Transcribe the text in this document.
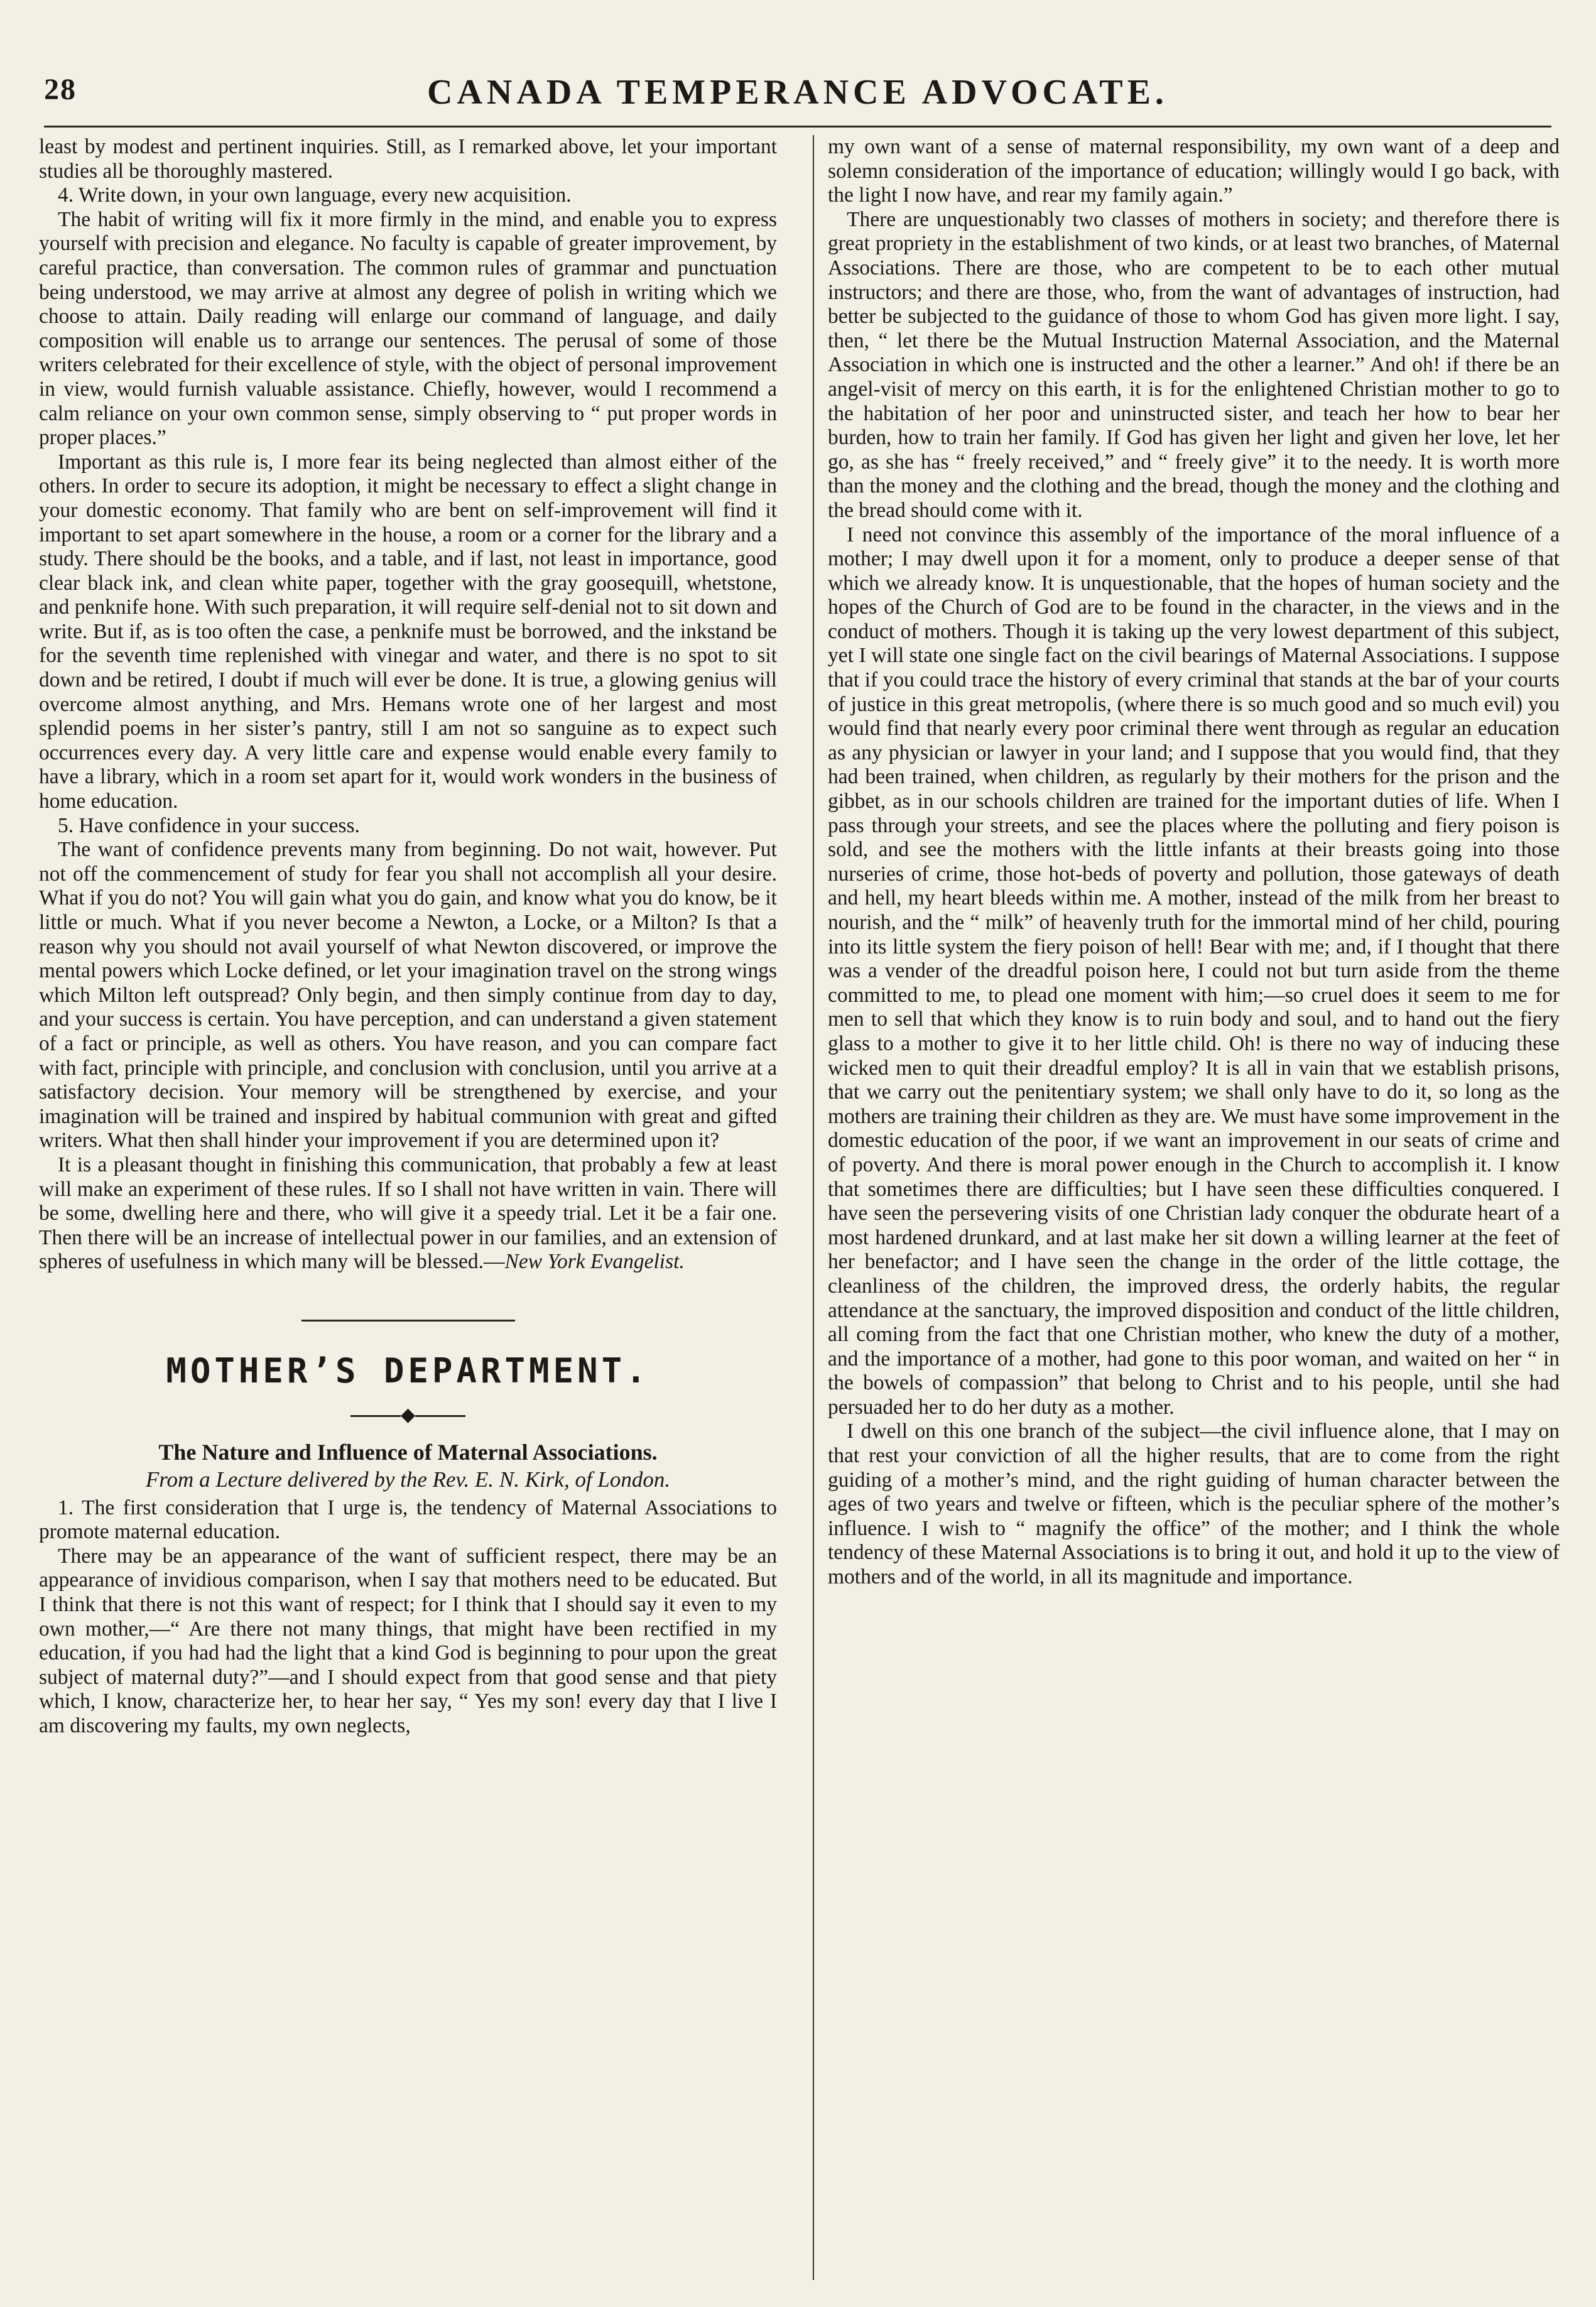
28	CANADA TEMPERANCE ADVOCATE.

least by modest and pertinent inquiries. Still, as I remarked above, let your important studies all be thoroughly mastered.

4. Write down, in your own language, every new acquisition.

The habit of writing will fix it more firmly in the mind, and enable you to express yourself with precision and elegance. No faculty is capable of greater improvement, by careful practice, than conversation. The common rules of grammar and punctuation being understood, we may arrive at almost any degree of polish in writing which we choose to attain. Daily reading will enlarge our command of language, and daily composition will enable us to arrange our sentences. The perusal of some of those writers celebrated for their excellence of style, with the object of personal improvement in view, would furnish valuable assistance. Chiefly, however, would I recommend a calm reliance on your own common sense, simply observing to “ put proper words in proper places.”

Important as this rule is, I more fear its being neglected than almost either of the others. In order to secure its adoption, it might be necessary to effect a slight change in your domestic economy. That family who are bent on self-improvement will find it important to set apart somewhere in the house, a room or a corner for the library and a study. There should be the books, and a table, and if last, not least in importance, good clear black ink, and clean white paper, together with the gray goosequill, whetstone, and penknife hone. With such preparation, it will require self-denial not to sit down and write. But if, as is too often the case, a penknife must be borrowed, and the inkstand be for the seventh time replenished with vinegar and water, and there is no spot to sit down and be retired, I doubt if much will ever be done. It is true, a glowing genius will overcome almost anything, and Mrs. Hemans wrote one of her largest and most splendid poems in her sister’s pantry, still I am not so sanguine as to expect such occurrences every day. A very little care and expense would enable every family to have a library, which in a room set apart for it, would work wonders in the business of home education.

5. Have confidence in your success.

The want of confidence prevents many from beginning. Do not wait, however. Put not off the commencement of study for fear you shall not accomplish all your desire. What if you do not? You will gain what you do gain, and know what you do know, be it little or much. What if you never become a Newton, a Locke, or a Milton? Is that a reason why you should not avail yourself of what Newton discovered, or improve the mental powers which Locke defined, or let your imagination travel on the strong wings which Milton left outspread? Only begin, and then simply continue from day to day, and your success is certain. You have perception, and can understand a given statement of a fact or principle, as well as others. You have reason, and you can compare fact with fact, principle with principle, and conclusion with conclusion, until you arrive at a satisfactory decision. Your memory will be strengthened by exercise, and your imagination will be trained and inspired by habitual communion with great and gifted writers. What then shall hinder your improvement if you are determined upon it?

It is a pleasant thought in finishing this communication, that probably a few at least will make an experiment of these rules. If so I shall not have written in vain. There will be some, dwelling here and there, who will give it a speedy trial. Let it be a fair one. Then there will be an increase of intellectual power in our families, and an extension of spheres of usefulness in which many will be blessed.—New York Evangelist.

MOTHER’S DEPARTMENT.
◆
The Nature and Influence of Maternal Associations.
From a Lecture delivered by the Rev. E. N. Kirk, of London.

1. The first consideration that I urge is, the tendency of Maternal Associations to promote maternal education.

There may be an appearance of the want of sufficient respect, there may be an appearance of invidious comparison, when I say that mothers need to be educated. But I think that there is not this want of respect; for I think that I should say it even to my own mother,—“ Are there not many things, that might have been rectified in my education, if you had had the light that a kind God is beginning to pour upon the great subject of maternal duty?”—and I should expect from that good sense and that piety which, I know, characterize her, to hear her say, “ Yes my son! every day that I live I am discovering my faults, my own neglects,

my own want of a sense of maternal responsibility, my own want of a deep and solemn consideration of the importance of education; willingly would I go back, with the light I now have, and rear my family again.”

There are unquestionably two classes of mothers in society; and therefore there is great propriety in the establishment of two kinds, or at least two branches, of Maternal Associations. There are those, who are competent to be to each other mutual instructors; and there are those, who, from the want of advantages of instruction, had better be subjected to the guidance of those to whom God has given more light. I say, then, “ let there be the Mutual Instruction Maternal Association, and the Maternal Association in which one is instructed and the other a learner.” And oh! if there be an angel-visit of mercy on this earth, it is for the enlightened Christian mother to go to the habitation of her poor and uninstructed sister, and teach her how to bear her burden, how to train her family. If God has given her light and given her love, let her go, as she has “ freely received,” and “ freely give” it to the needy. It is worth more than the money and the clothing and the bread, though the money and the clothing and the bread should come with it.

I need not convince this assembly of the importance of the moral influence of a mother; I may dwell upon it for a moment, only to produce a deeper sense of that which we already know. It is unquestionable, that the hopes of human society and the hopes of the Church of God are to be found in the character, in the views and in the conduct of mothers. Though it is taking up the very lowest department of this subject, yet I will state one single fact on the civil bearings of Maternal Associations. I suppose that if you could trace the history of every criminal that stands at the bar of your courts of justice in this great metropolis, (where there is so much good and so much evil) you would find that nearly every poor criminal there went through as regular an education as any physician or lawyer in your land; and I suppose that you would find, that they had been trained, when children, as regularly by their mothers for the prison and the gibbet, as in our schools children are trained for the important duties of life. When I pass through your streets, and see the places where the polluting and fiery poison is sold, and see the mothers with the little infants at their breasts going into those nurseries of crime, those hot-beds of poverty and pollution, those gateways of death and hell, my heart bleeds within me. A mother, instead of the milk from her breast to nourish, and the “ milk” of heavenly truth for the immortal mind of her child, pouring into its little system the fiery poison of hell! Bear with me; and, if I thought that there was a vender of the dreadful poison here, I could not but turn aside from the theme committed to me, to plead one moment with him;—so cruel does it seem to me for men to sell that which they know is to ruin body and soul, and to hand out the fiery glass to a mother to give it to her little child. Oh! is there no way of inducing these wicked men to quit their dreadful employ? It is all in vain that we establish prisons, that we carry out the penitentiary system; we shall only have to do it, so long as the mothers are training their children as they are. We must have some improvement in the domestic education of the poor, if we want an improvement in our seats of crime and of poverty. And there is moral power enough in the Church to accomplish it. I know that sometimes there are difficulties; but I have seen these difficulties conquered. I have seen the persevering visits of one Christian lady conquer the obdurate heart of a most hardened drunkard, and at last make her sit down a willing learner at the feet of her benefactor; and I have seen the change in the order of the little cottage, the cleanliness of the children, the improved dress, the orderly habits, the regular attendance at the sanctuary, the improved disposition and conduct of the little children, all coming from the fact that one Christian mother, who knew the duty of a mother, and the importance of a mother, had gone to this poor woman, and waited on her “ in the bowels of compassion” that belong to Christ and to his people, until she had persuaded her to do her duty as a mother.

I dwell on this one branch of the subject—the civil influence alone, that I may on that rest your conviction of all the higher results, that are to come from the right guiding of a mother’s mind, and the right guiding of human character between the ages of two years and twelve or fifteen, which is the peculiar sphere of the mother’s influence. I wish to “ magnify the office” of the mother; and I think the whole tendency of these Maternal Associations is to bring it out, and hold it up to the view of mothers and of the world, in all its magnitude and importance.
